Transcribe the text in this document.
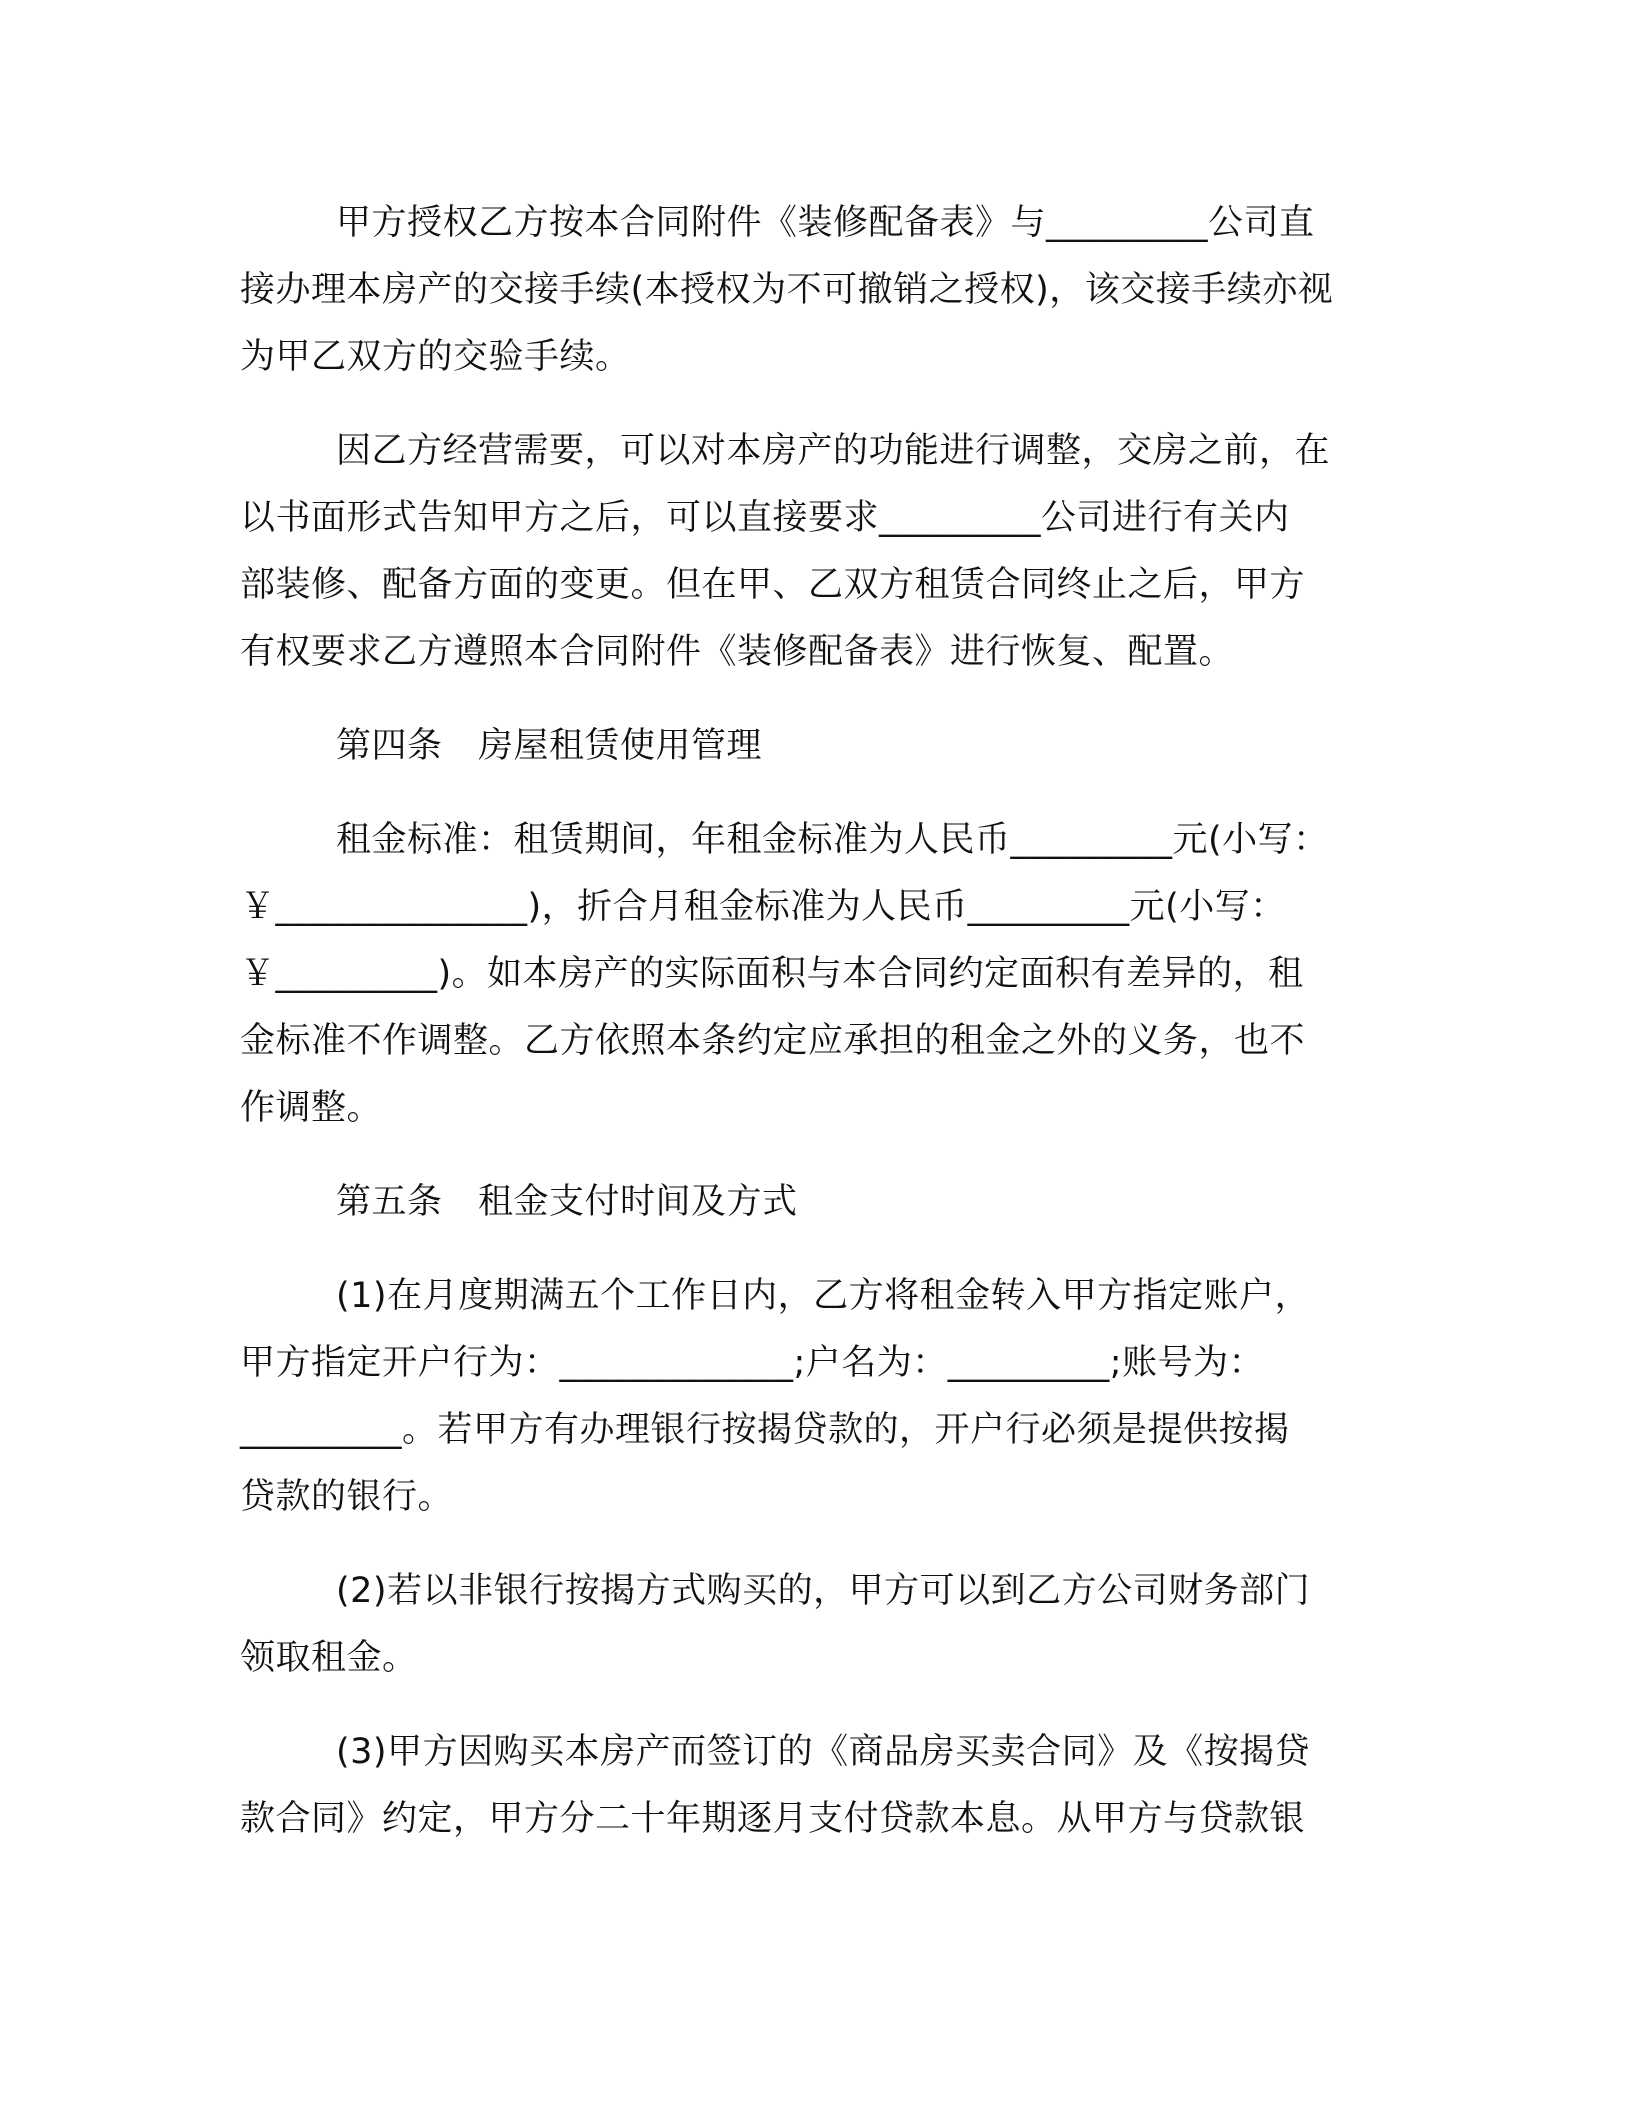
甲方授权乙方按本合同附件《装修配备表》与_________公司直
接办理本房产的交接手续(本授权为不可撤销之授权)，该交接手续亦视
为甲乙双方的交验手续。

因乙方经营需要，可以对本房产的功能进行调整，交房之前，在
以书面形式告知甲方之后，可以直接要求_________公司进行有关内
部装修、配备方面的变更。但在甲、乙双方租赁合同终止之后，甲方
有权要求乙方遵照本合同附件《装修配备表》进行恢复、配置。

第四条　房屋租赁使用管理

租金标准：租赁期间，年租金标准为人民币_________元(小写：
￥______________)，折合月租金标准为人民币_________元(小写：
￥_________)。如本房产的实际面积与本合同约定面积有差异的，租
金标准不作调整。乙方依照本条约定应承担的租金之外的义务，也不
作调整。

第五条　租金支付时间及方式

(1)在月度期满五个工作日内，乙方将租金转入甲方指定账户，
甲方指定开户行为：_____________;户名为：_________;账号为：
_________。若甲方有办理银行按揭贷款的，开户行必须是提供按揭
贷款的银行。

(2)若以非银行按揭方式购买的，甲方可以到乙方公司财务部门
领取租金。

(3)甲方因购买本房产而签订的《商品房买卖合同》及《按揭贷
款合同》约定，甲方分二十年期逐月支付贷款本息。从甲方与贷款银
